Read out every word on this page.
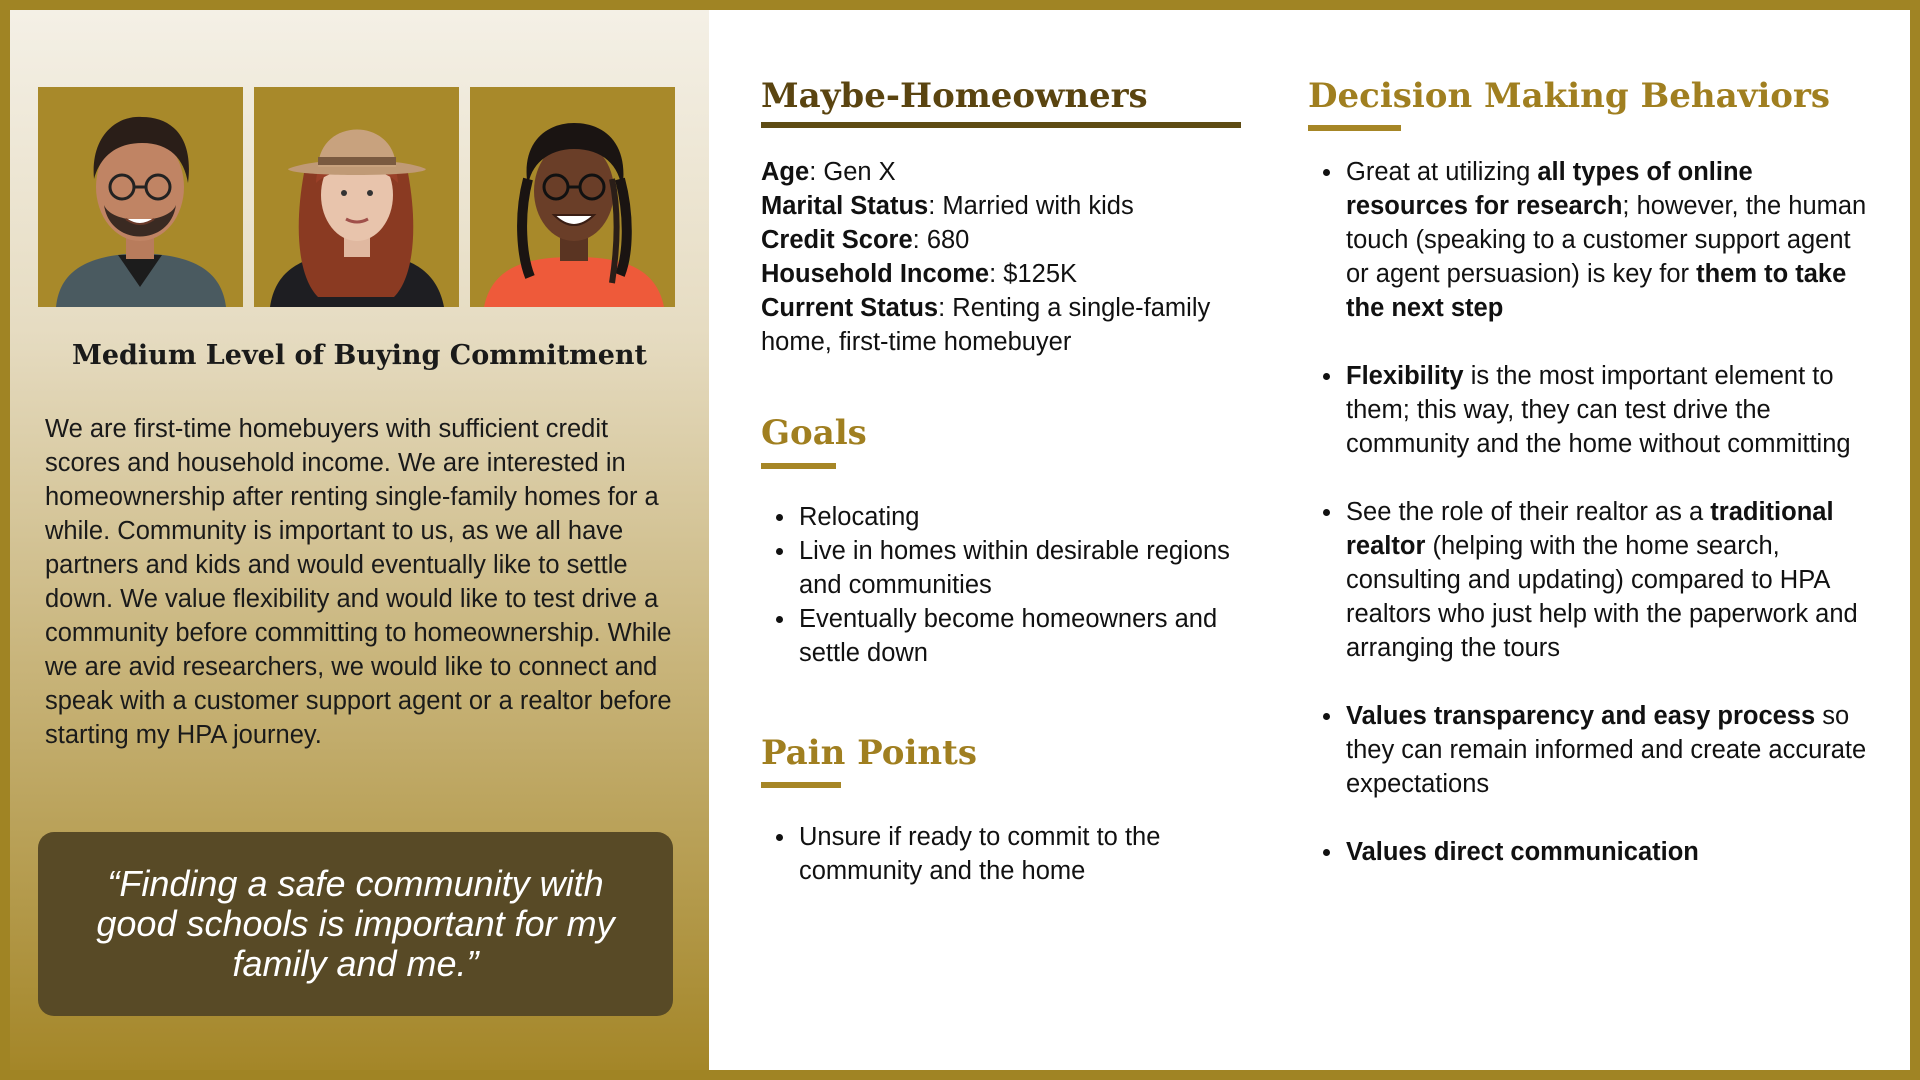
Medium Level of Buying Commitment

We are first-time homebuyers with sufficient credit scores and household income. We are interested in homeownership after renting single-family homes for a while. Community is important to us, as we all have partners and kids and would eventually like to settle down. We value flexibility and would like to test drive a community before committing to homeownership. While we are avid researchers, we would like to connect and speak with a customer support agent or a realtor before starting my HPA journey.

“Finding a safe community with good schools is important for my family and me.”
Maybe-Homeowners
Age: Gen X
Marital Status: Married with kids
Credit Score: 680
Household Income: $125K
Current Status: Renting a single-family home, first-time homebuyer
Goals
Relocating
Live in homes within desirable regions and communities
Eventually become homeowners and settle down
Pain Points
Unsure if ready to commit to the community and the home
Decision Making Behaviors
Great at utilizing all types of online resources for research; however, the human touch (speaking to a customer support agent or agent persuasion) is key for them to take the next step
Flexibility is the most important element to them; this way, they can test drive the community and the home without committing
See the role of their realtor as a traditional realtor (helping with the home search, consulting and updating) compared to HPA realtors who just help with the paperwork and arranging the tours
Values transparency and easy process so they can remain informed and create accurate expectations
Values direct communication
